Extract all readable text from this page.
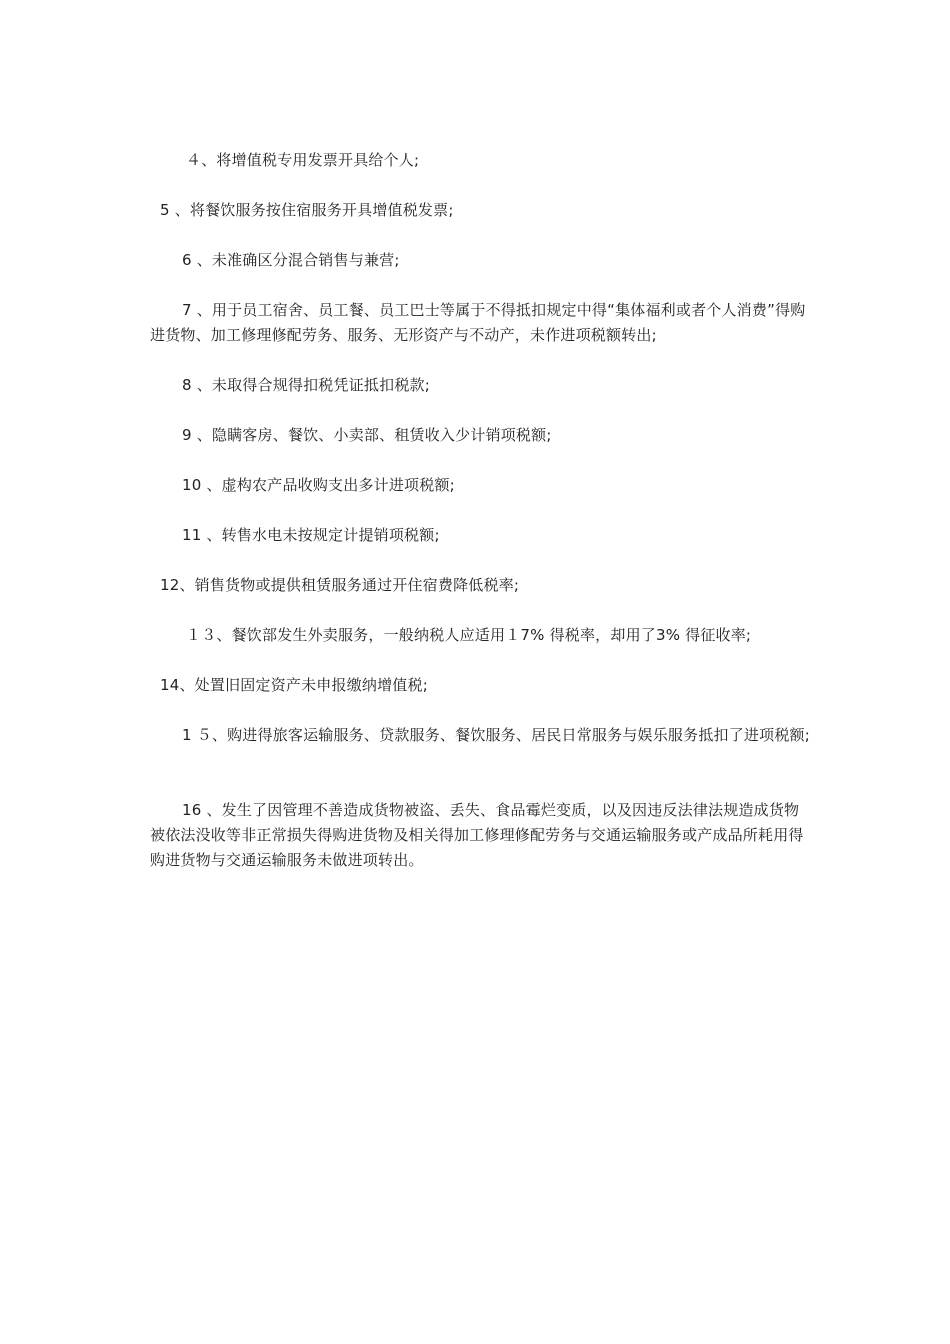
４、将增值税专用发票开具给个人;
5 、将餐饮服务按住宿服务开具增值税发票;
6 、未准确区分混合销售与兼营;
7 、用于员工宿舍、员工餐、员工巴士等属于不得抵扣规定中得“集体福利或者个人消费”得购进货物、加工修理修配劳务、服务、无形资产与不动产，未作进项税额转出;
8 、未取得合规得扣税凭证抵扣税款;
9 、隐瞒客房、餐饮、小卖部、租赁收入少计销项税额;
10 、虚构农产品收购支出多计进项税额;
11 、转售水电未按规定计提销项税额;
12、销售货物或提供租赁服务通过开住宿费降低税率;
１３、餐饮部发生外卖服务，一般纳税人应适用１7% 得税率，却用了3% 得征收率;
14、处置旧固定资产未申报缴纳增值税;
1 ５、购进得旅客运输服务、贷款服务、餐饮服务、居民日常服务与娱乐服务抵扣了进项税额;
16 、发生了因管理不善造成货物被盗、丢失、食品霉烂变质，以及因违反法律法规造成货物被依法没收等非正常损失得购进货物及相关得加工修理修配劳务与交通运输服务或产成品所耗用得购进货物与交通运输服务未做进项转出。
